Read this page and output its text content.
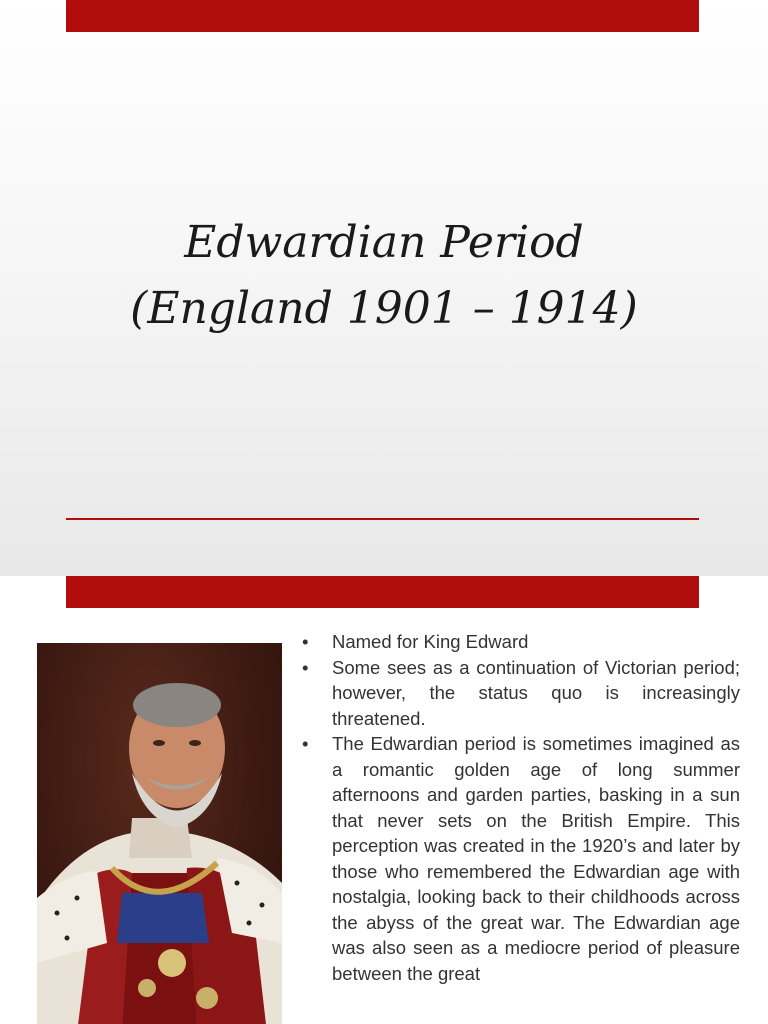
Edwardian Period
(England 1901 – 1914)
•	Named for King Edward
•	Some sees as a continuation of Victorian period; however, the status quo is increasingly threatened.
•	The Edwardian period is sometimes imagined as a romantic golden age of long summer afternoons and garden parties, basking in a sun that never sets on the British Empire. This perception was created in the 1920’s and later by those who remembered the Edwardian age with nostalgia, looking back to their childhoods across the abyss of the great war. The Edwardian age was also seen as a mediocre period of pleasure between the great
